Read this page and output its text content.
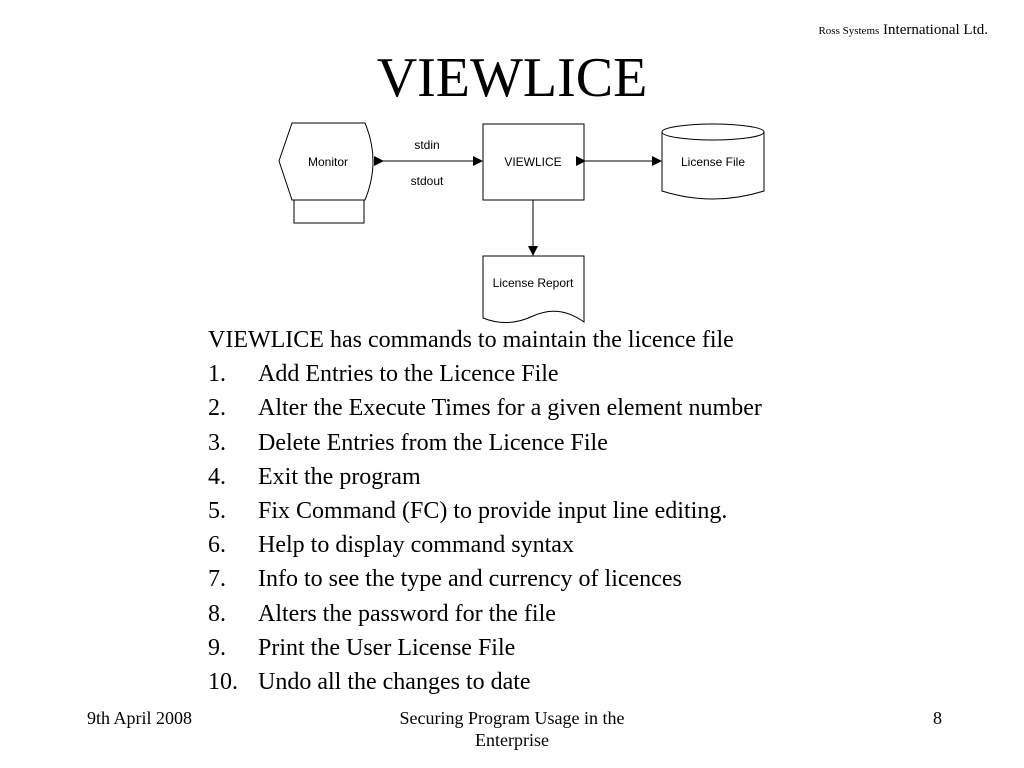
Ross Systems International Ltd.
VIEWLICE
Monitor
stdin
stdout
VIEWLICE	License File
License Report

VIEWLICE has commands to maintain the licence file

1.	Add Entries to the Licence File
2.	Alter the Execute Times for a given element number
3.	Delete Entries from the Licence File
4.	Exit the program
5.	Fix Command (FC) to provide input line editing.
6.	Help to display command syntax
7.	Info to see the type and currency of licences
8.	Alters the password for the file
9.	Print the User License File
10. Undo all the changes to date
9th April 2008	Securing Program Usage in the
Enterprise
8
